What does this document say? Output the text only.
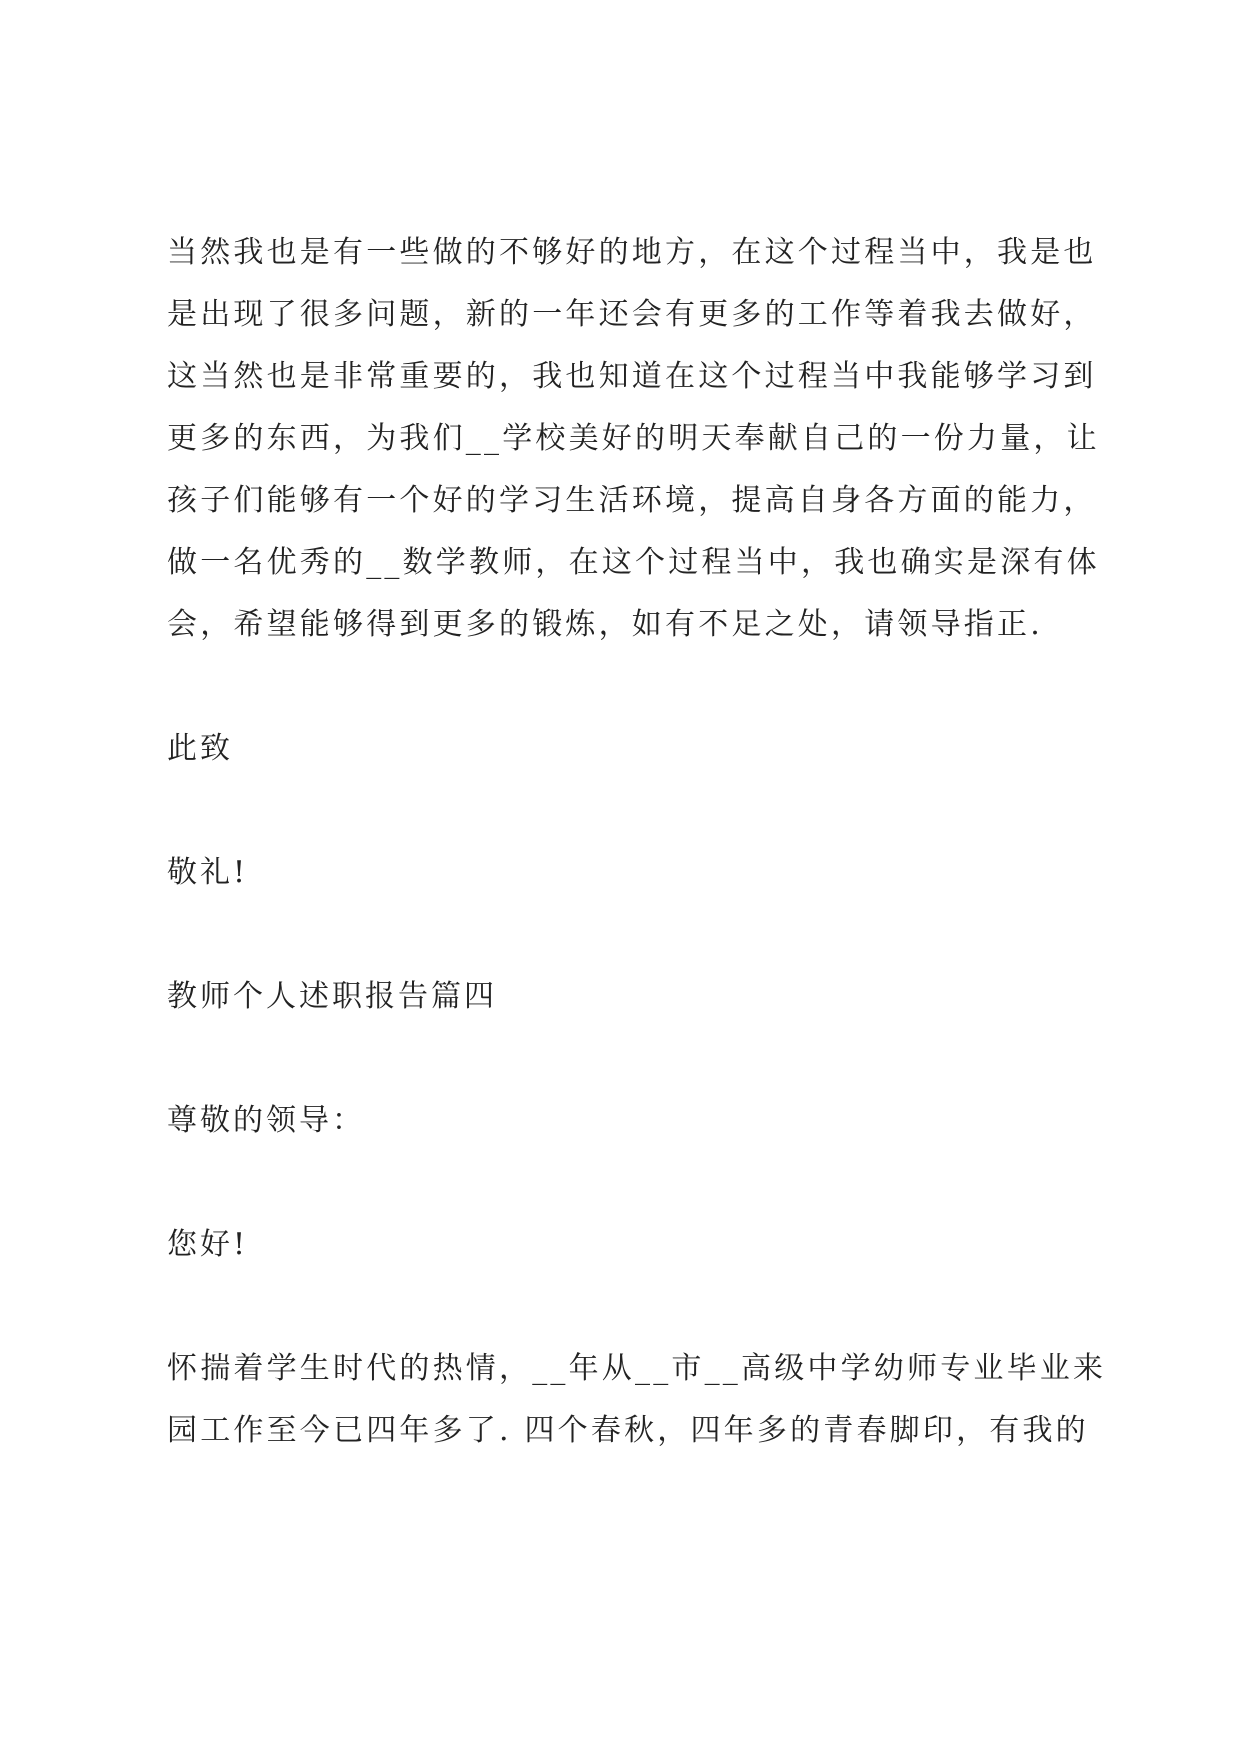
当然我也是有一些做的不够好的地方，在这个过程当中，我是也
是出现了很多问题，新的一年还会有更多的工作等着我去做好，
这当然也是非常重要的，我也知道在这个过程当中我能够学习到
更多的东西，为我们__学校美好的明天奉献自己的一份力量，让
孩子们能够有一个好的学习生活环境，提高自身各方面的能力，
做一名优秀的__数学教师，在这个过程当中，我也确实是深有体
会，希望能够得到更多的锻炼，如有不足之处，请领导指正.

此致

敬礼!

教师个人述职报告篇四

尊敬的领导：

您好!

怀揣着学生时代的热情，__年从__市__高级中学幼师专业毕业来
园工作至今已四年多了. 四个春秋，四年多的青春脚印，有我的
